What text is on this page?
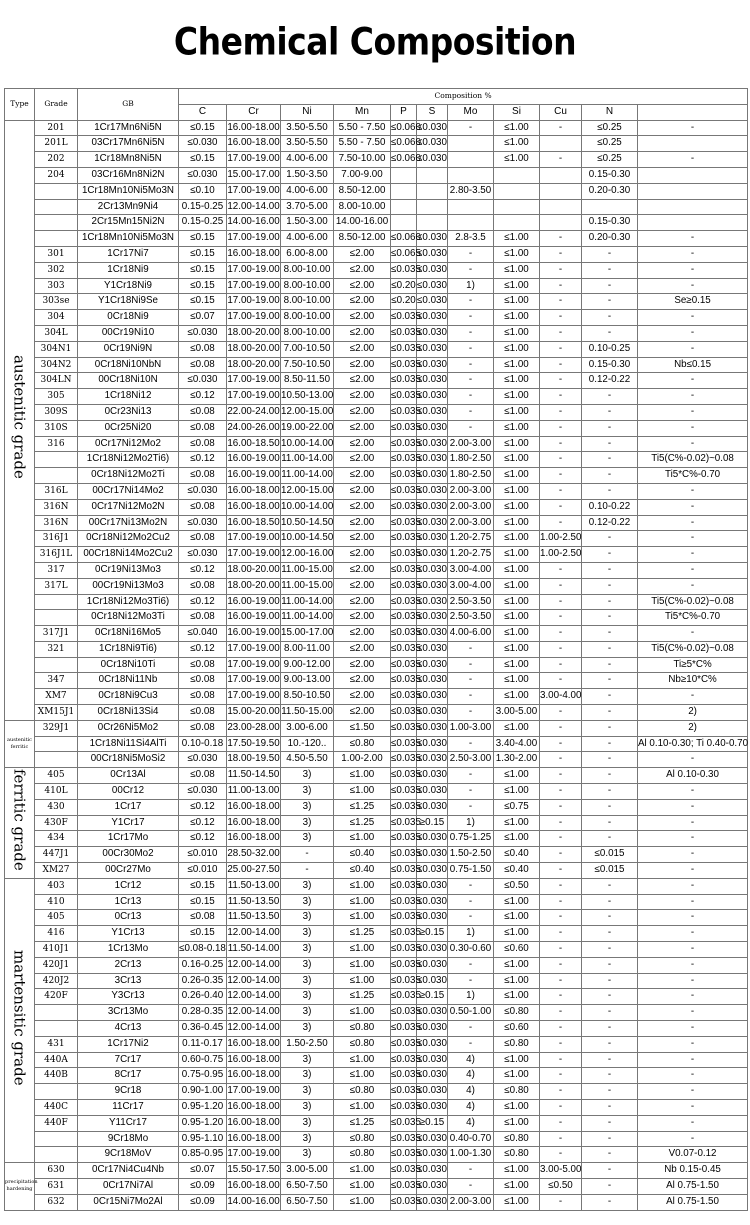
Chemical Composition
Type	Grade	GB	Composition %										
			C	Cr	Ni	Mn	P	S	Mo	Si	Cu	N	
austenitic grade	201	1Cr17Mn6Ni5N	≤0.15	16.00-18.00	3.50-5.50	5.50 - 7.50	≤0.060	≤0.030	-	≤1.00	-	≤0.25	-
	201L	03Cr17Mn6Ni5N	≤0.030	16.00-18.00	3.50-5.50	5.50 - 7.50	≤0.060	≤0.030		≤1.00		≤0.25	
	202	1Cr18Mn8Ni5N	≤0.15	17.00-19.00	4.00-6.00	7.50-10.00	≤0.060	≤0.030		≤1.00	-	≤0.25	-
	204	03Cr16Mn8Ni2N	≤0.030	15.00-17.00	1.50-3.50	7.00-9.00						0.15-0.30	
		1Cr18Mn10Ni5Mo3N	≤0.10	17.00-19.00	4.00-6.00	8.50-12.00			2.80-3.50			0.20-0.30	
		2Cr13Mn9Ni4	0.15-0.25	12.00-14.00	3.70-5.00	8.00-10.00							
		2Cr15Mn15Ni2N	0.15-0.25	14.00-16.00	1.50-3.00	14.00-16.00						0.15-0.30	
		1Cr18Mn10Ni5Mo3N	≤0.15	17.00-19.00	4.00-6.00	8.50-12.00	≤0.060	≤0.030	2.8-3.5	≤1.00	-	0.20-0.30	-
	301	1Cr17Ni7	≤0.15	16.00-18.00	6.00-8.00	≤2.00	≤0.065	≤0.030	-	≤1.00	-	-	-
	302	1Cr18Ni9	≤0.15	17.00-19.00	8.00-10.00	≤2.00	≤0.035	≤0.030	-	≤1.00	-	-	-
	303	Y1Cr18Ni9	≤0.15	17.00-19.00	8.00-10.00	≤2.00	≤0.20	≤0.030	1)	≤1.00	-	-	-
	303se	Y1Cr18Ni9Se	≤0.15	17.00-19.00	8.00-10.00	≤2.00	≤0.20	≤0.030	-	≤1.00	-	-	Se≥0.15
	304	0Cr18Ni9	≤0.07	17.00-19.00	8.00-10.00	≤2.00	≤0.035	≤0.030	-	≤1.00	-	-	-
	304L	00Cr19Ni10	≤0.030	18.00-20.00	8.00-10.00	≤2.00	≤0.035	≤0.030	-	≤1.00	-	-	-
	304N1	0Cr19Ni9N	≤0.08	18.00-20.00	7.00-10.50	≤2.00	≤0.035	≤0.030	-	≤1.00	-	0.10-0.25	-
	304N2	0Cr18Ni10NbN	≤0.08	18.00-20.00	7.50-10.50	≤2.00	≤0.035	≤0.030	-	≤1.00	-	0.15-0.30	Nb≤0.15
	304LN	00Cr18Ni10N	≤0.030	17.00-19.00	8.50-11.50	≤2.00	≤0.035	≤0.030	-	≤1.00	-	0.12-0.22	-
	305	1Cr18Ni12	≤0.12	17.00-19.00	10.50-13.00	≤2.00	≤0.035	≤0.030	-	≤1.00	-	-	-
	309S	0Cr23Ni13	≤0.08	22.00-24.00	12.00-15.00	≤2.00	≤0.035	≤0.030	-	≤1.00	-	-	-
	310S	0Cr25Ni20	≤0.08	24.00-26.00	19.00-22.00	≤2.00	≤0.035	≤0.030	-	≤1.00	-	-	-
	316	0Cr17Ni12Mo2	≤0.08	16.00-18.50	10.00-14.00	≤2.00	≤0.035	≤0.030	2.00-3.00	≤1.00	-	-	-
		1Cr18Ni12Mo2Ti6)	≤0.12	16.00-19.00	11.00-14.00	≤2.00	≤0.035	≤0.030	1.80-2.50	≤1.00	-	-	Ti5(C%-0.02)~0.08
		0Cr18Ni12Mo2Ti	≤0.08	16.00-19.00	11.00-14.00	≤2.00	≤0.035	≤0.030	1.80-2.50	≤1.00	-	-	Ti5*C%-0.70
	316L	00Cr17Ni14Mo2	≤0.030	16.00-18.00	12.00-15.00	≤2.00	≤0.035	≤0.030	2.00-3.00	≤1.00	-	-	-
	316N	0Cr17Ni12Mo2N	≤0.08	16.00-18.00	10.00-14.00	≤2.00	≤0.035	≤0.030	2.00-3.00	≤1.00	-	0.10-0.22	-
	316N	00Cr17Ni13Mo2N	≤0.030	16.00-18.50	10.50-14.50	≤2.00	≤0.035	≤0.030	2.00-3.00	≤1.00	-	0.12-0.22	-
	316J1	0Cr18Ni12Mo2Cu2	≤0.08	17.00-19.00	10.00-14.50	≤2.00	≤0.035	≤0.030	1.20-2.75	≤1.00	1.00-2.50	-	-
	316J1L	00Cr18Ni14Mo2Cu2	≤0.030	17.00-19.00	12.00-16.00	≤2.00	≤0.035	≤0.030	1.20-2.75	≤1.00	1.00-2.50	-	-
	317	0Cr19Ni13Mo3	≤0.12	18.00-20.00	11.00-15.00	≤2.00	≤0.035	≤0.030	3.00-4.00	≤1.00	-	-	-
	317L	00Cr19Ni13Mo3	≤0.08	18.00-20.00	11.00-15.00	≤2.00	≤0.035	≤0.030	3.00-4.00	≤1.00	-	-	-
		1Cr18Ni12Mo3Ti6)	≤0.12	16.00-19.00	11.00-14.00	≤2.00	≤0.035	≤0.030	2.50-3.50	≤1.00	-	-	Ti5(C%-0.02)~0.08
		0Cr18Ni12Mo3Ti	≤0.08	16.00-19.00	11.00-14.00	≤2.00	≤0.035	≤0.030	2.50-3.50	≤1.00	-	-	Ti5*C%-0.70
	317J1	0Cr18Ni16Mo5	≤0.040	16.00-19.00	15.00-17.00	≤2.00	≤0.035	≤0.030	4.00-6.00	≤1.00	-	-	-
	321	1Cr18Ni9Ti6)	≤0.12	17.00-19.00	8.00-11.00	≤2.00	≤0.035	≤0.030	-	≤1.00	-	-	Ti5(C%-0.02)~0.08
		0Cr18Ni10Ti	≤0.08	17.00-19.00	9.00-12.00	≤2.00	≤0.035	≤0.030	-	≤1.00	-	-	Ti≥5*C%
	347	0Cr18Ni11Nb	≤0.08	17.00-19.00	9.00-13.00	≤2.00	≤0.035	≤0.030	-	≤1.00	-	-	Nb≥10*C%
	XM7	0Cr18Ni9Cu3	≤0.08	17.00-19.00	8.50-10.50	≤2.00	≤0.035	≤0.030	-	≤1.00	3.00-4.00	-	-
	XM15J1	0Cr18Ni13Si4	≤0.08	15.00-20.00	11.50-15.00	≤2.00	≤0.035	≤0.030	-	3.00-5.00	-	-	2)

austenitic ferritic	329J1	0Cr26Ni5Mo2	≤0.08	23.00-28.00	3.00-6.00	≤1.50	≤0.035	≤0.030	1.00-3.00	≤1.00	-	-	2)
		1Cr18Ni11Si4AlTi	0.10-0.18	17.50-19.50	10.-120..	≤0.80	≤0.035	≤0.030	-	3.40-4.00	-	-	Al 0.10-0.30; Ti 0.40-0.70
		00Cr18Ni5MoSi2	≤0.030	18.00-19.50	4.50-5.50	1.00-2.00	≤0.035	≤0.030	2.50-3.00	1.30-2.00	-	-	-
ferritic grade	405	0Cr13Al	≤0.08	11.50-14.50	3)	≤1.00	≤0.035	≤0.030	-	≤1.00	-	-	Al 0.10-0.30
	410L	00Cr12	≤0.030	11.00-13.00	3)	≤1.00	≤0.035	≤0.030	-	≤1.00	-	-	-
	430	1Cr17	≤0.12	16.00-18.00	3)	≤1.25	≤0.035	≤0.030	-	≤0.75	-	-	-
	430F	Y1Cr17	≤0.12	16.00-18.00	3)	≤1.25	≤0.035	≥0.15	1)	≤1.00	-	-	-
	434	1Cr17Mo	≤0.12	16.00-18.00	3)	≤1.00	≤0.035	≤0.030	0.75-1.25	≤1.00	-	-	-
	447J1	00Cr30Mo2	≤0.010	28.50-32.00	-	≤0.40	≤0.035	≤0.030	1.50-2.50	≤0.40	-	≤0.015	-
	XM27	00Cr27Mo	≤0.010	25.00-27.50	-	≤0.40	≤0.035	≤0.030	0.75-1.50	≤0.40	-	≤0.015	-
martensitic grade	403	1Cr12	≤0.15	11.50-13.00	3)	≤1.00	≤0.035	≤0.030	-	≤0.50	-	-	-
	410	1Cr13	≤0.15	11.50-13.50	3)	≤1.00	≤0.035	≤0.030	-	≤1.00	-	-	-
	405	0Cr13	≤0.08	11.50-13.50	3)	≤1.00	≤0.035	≤0.030	-	≤1.00	-	-	-
	416	Y1Cr13	≤0.15	12.00-14.00	3)	≤1.25	≤0.035	≥0.15	1)	≤1.00	-	-	-
	410J1	1Cr13Mo	≤0.08-0.18	11.50-14.00	3)	≤1.00	≤0.035	≤0.030	0.30-0.60	≤0.60	-	-	-
	420J1	2Cr13	0.16-0.25	12.00-14.00	3)	≤1.00	≤0.035	≤0.030	-	≤1.00	-	-	-
	420J2	3Cr13	0.26-0.35	12.00-14.00	3)	≤1.00	≤0.035	≤0.030	-	≤1.00	-	-	-
	420F	Y3Cr13	0.26-0.40	12.00-14.00	3)	≤1.25	≤0.035	≥0.15	1)	≤1.00	-	-	-
		3Cr13Mo	0.28-0.35	12.00-14.00	3)	≤1.00	≤0.035	≤0.030	0.50-1.00	≤0.80	-	-	-
		4Cr13	0.36-0.45	12.00-14.00	3)	≤0.80	≤0.035	≤0.030	-	≤0.60	-	-	-
	431	1Cr17Ni2	0.11-0.17	16.00-18.00	1.50-2.50	≤0.80	≤0.035	≤0.030	-	≤0.80	-	-	-
	440A	7Cr17	0.60-0.75	16.00-18.00	3)	≤1.00	≤0.035	≤0.030	4)	≤1.00	-	-	-
	440B	8Cr17	0.75-0.95	16.00-18.00	3)	≤1.00	≤0.035	≤0.030	4)	≤1.00	-	-	-
		9Cr18	0.90-1.00	17.00-19.00	3)	≤0.80	≤0.035	≤0.030	4)	≤0.80	-	-	-
	440C	11Cr17	0.95-1.20	16.00-18.00	3)	≤1.00	≤0.035	≤0.030	4)	≤1.00	-	-	-
	440F	Y11Cr17	0.95-1.20	16.00-18.00	3)	≤1.25	≤0.035	≥0.15	4)	≤1.00	-	-	-
		9Cr18Mo	0.95-1.10	16.00-18.00	3)	≤0.80	≤0.035	≤0.030	0.40-0.70	≤0.80	-	-	-
		9Cr18MoV	0.85-0.95	17.00-19.00	3)	≤0.80	≤0.035	≤0.030	1.00-1.30	≤0.80	-	-	V0.07-0.12

precipitation hardening	630	0Cr17Ni4Cu4Nb	≤0.07	15.50-17.50	3.00-5.00	≤1.00	≤0.035	≤0.030	-	≤1.00	3.00-5.00	-	Nb 0.15-0.45
	631	0Cr17Ni7Al	≤0.09	16.00-18.00	6.50-7.50	≤1.00	≤0.035	≤0.030	-	≤1.00	≤0.50	-	Al 0.75-1.50
	632	0Cr15Ni7Mo2Al	≤0.09	14.00-16.00	6.50-7.50	≤1.00	≤0.035	≤0.030	2.00-3.00	≤1.00	-	-	Al 0.75-1.50
